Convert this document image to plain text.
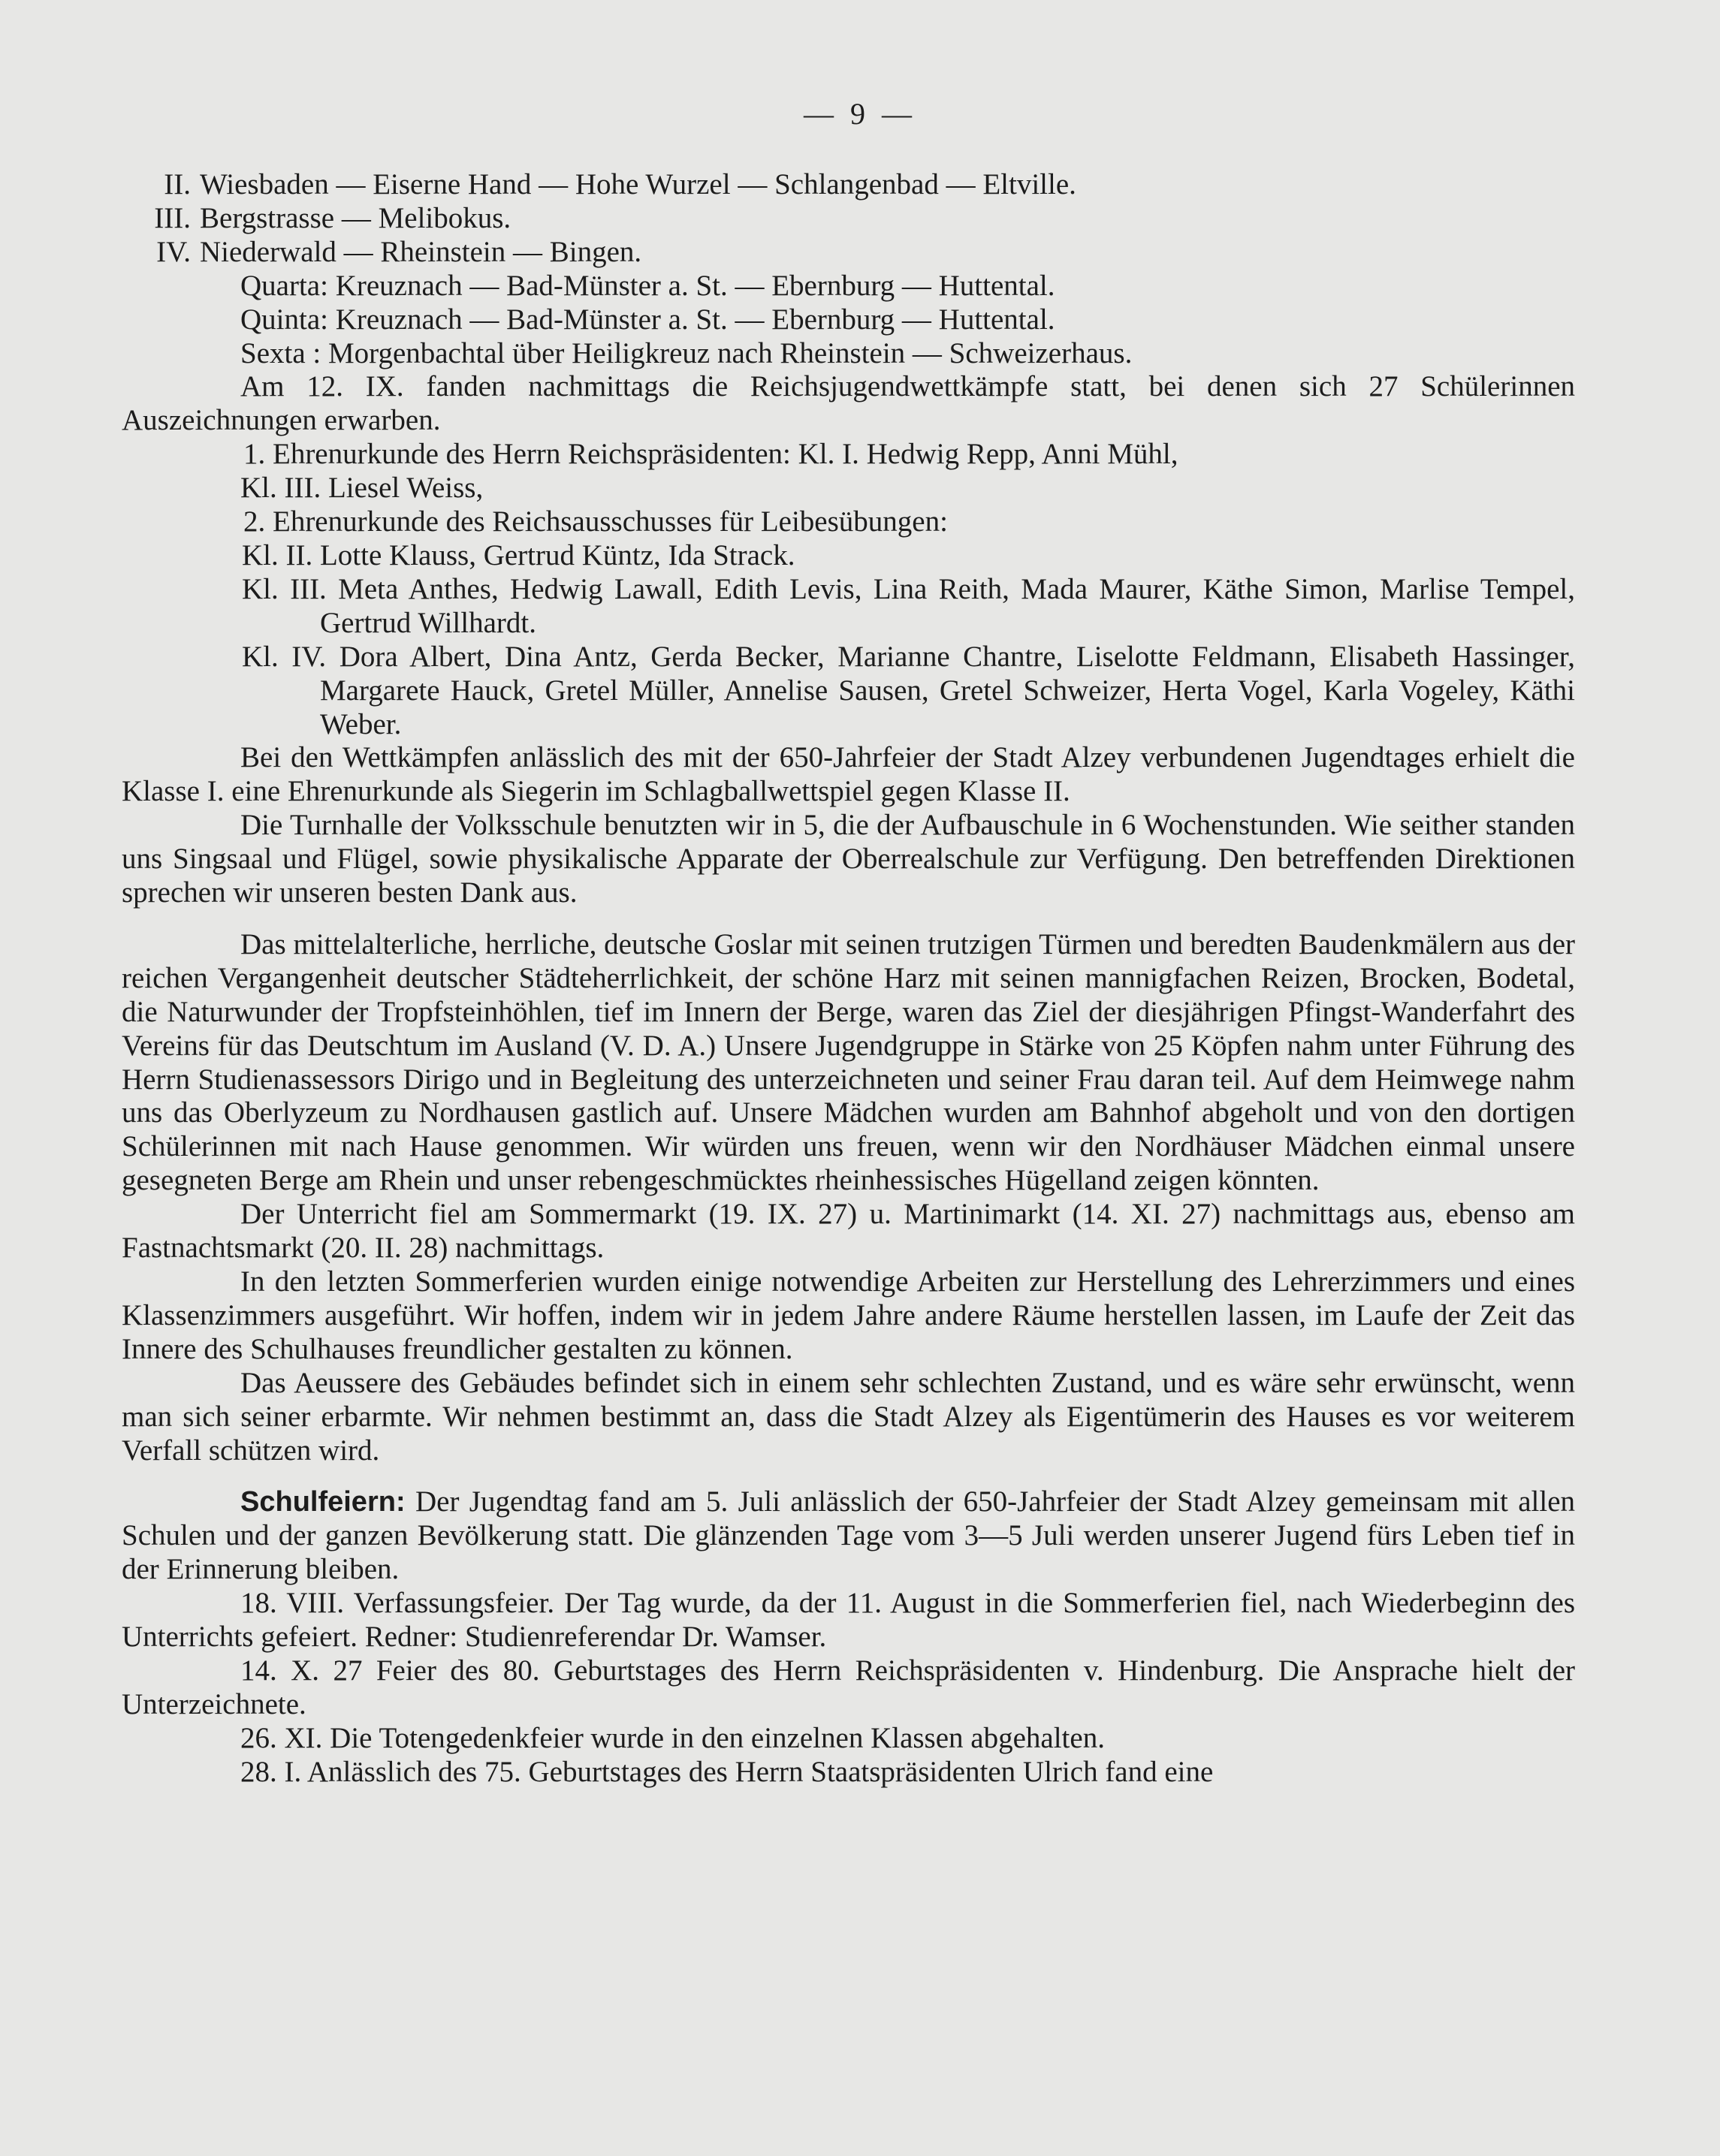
— 9 —

II. Wiesbaden — Eiserne Hand — Hohe Wurzel — Schlangenbad — Eltville.

III. Bergstrasse — Melibokus.

IV. Niederwald — Rheinstein — Bingen.

Quarta: Kreuznach — Bad-Münster a. St. — Ebernburg — Huttental.

Quinta: Kreuznach — Bad-Münster a. St. — Ebernburg — Huttental.

Sexta : Morgenbachtal über Heiligkreuz nach Rheinstein — Schweizerhaus.

Am 12. IX. fanden nachmittags die Reichsjugendwettkämpfe statt, bei denen sich 27 Schülerinnen Auszeichnungen erwarben.

1. Ehrenurkunde des Herrn Reichspräsidenten: Kl. I. Hedwig Repp, Anni Mühl,

Kl. III. Liesel Weiss,

2. Ehrenurkunde des Reichsausschusses für Leibesübungen:

Kl. II. Lotte Klauss, Gertrud Küntz, Ida Strack.

Kl. III. Meta Anthes, Hedwig Lawall, Edith Levis, Lina Reith, Mada Maurer, Käthe Simon, Marlise Tempel, Gertrud Willhardt.

Kl. IV. Dora Albert, Dina Antz, Gerda Becker, Marianne Chantre, Liselotte Feldmann, Elisabeth Hassinger, Margarete Hauck, Gretel Müller, Annelise Sausen, Gretel Schweizer, Herta Vogel, Karla Vogeley, Käthi Weber.

Bei den Wettkämpfen anlässlich des mit der 650-Jahrfeier der Stadt Alzey verbundenen Jugendtages erhielt die Klasse I. eine Ehrenurkunde als Siegerin im Schlagballwettspiel gegen Klasse II.

Die Turnhalle der Volksschule benutzten wir in 5, die der Aufbauschule in 6 Wochenstunden. Wie seither standen uns Singsaal und Flügel, sowie physikalische Apparate der Oberrealschule zur Verfügung. Den betreffenden Direktionen sprechen wir unseren besten Dank aus.

Das mittelalterliche, herrliche, deutsche Goslar mit seinen trutzigen Türmen und beredten Baudenkmälern aus der reichen Vergangenheit deutscher Städteherrlichkeit, der schöne Harz mit seinen mannigfachen Reizen, Brocken, Bodetal, die Naturwunder der Tropfsteinhöhlen, tief im Innern der Berge, waren das Ziel der diesjährigen Pfingst-Wanderfahrt des Vereins für das Deutschtum im Ausland (V. D. A.) Unsere Jugendgruppe in Stärke von 25 Köpfen nahm unter Führung des Herrn Studienassessors Dirigo und in Begleitung des unterzeichneten und seiner Frau daran teil. Auf dem Heimwege nahm uns das Oberlyzeum zu Nordhausen gastlich auf. Unsere Mädchen wurden am Bahnhof abgeholt und von den dortigen Schülerinnen mit nach Hause genommen. Wir würden uns freuen, wenn wir den Nordhäuser Mädchen einmal unsere gesegneten Berge am Rhein und unser rebengeschmücktes rheinhessisches Hügelland zeigen könnten.

Der Unterricht fiel am Sommermarkt (19. IX. 27) u. Martinimarkt (14. XI. 27) nachmittags aus, ebenso am Fastnachtsmarkt (20. II. 28) nachmittags.

In den letzten Sommerferien wurden einige notwendige Arbeiten zur Herstellung des Lehrerzimmers und eines Klassenzimmers ausgeführt. Wir hoffen, indem wir in jedem Jahre andere Räume herstellen lassen, im Laufe der Zeit das Innere des Schulhauses freundlicher gestalten zu können.

Das Aeussere des Gebäudes befindet sich in einem sehr schlechten Zustand, und es wäre sehr erwünscht, wenn man sich seiner erbarmte. Wir nehmen bestimmt an, dass die Stadt Alzey als Eigentümerin des Hauses es vor weiterem Verfall schützen wird.

Schulfeiern: Der Jugendtag fand am 5. Juli anlässlich der 650-Jahrfeier der Stadt Alzey gemeinsam mit allen Schulen und der ganzen Bevölkerung statt. Die glänzenden Tage vom 3—5 Juli werden unserer Jugend fürs Leben tief in der Erinnerung bleiben.

18. VIII. Verfassungsfeier. Der Tag wurde, da der 11. August in die Sommerferien fiel, nach Wiederbeginn des Unterrichts gefeiert. Redner: Studienreferendar Dr. Wamser.

14. X. 27 Feier des 80. Geburtstages des Herrn Reichspräsidenten v. Hindenburg. Die Ansprache hielt der Unterzeichnete.

26. XI. Die Totengedenkfeier wurde in den einzelnen Klassen abgehalten.

28. I. Anlässlich des 75. Geburtstages des Herrn Staatspräsidenten Ulrich fand eine
